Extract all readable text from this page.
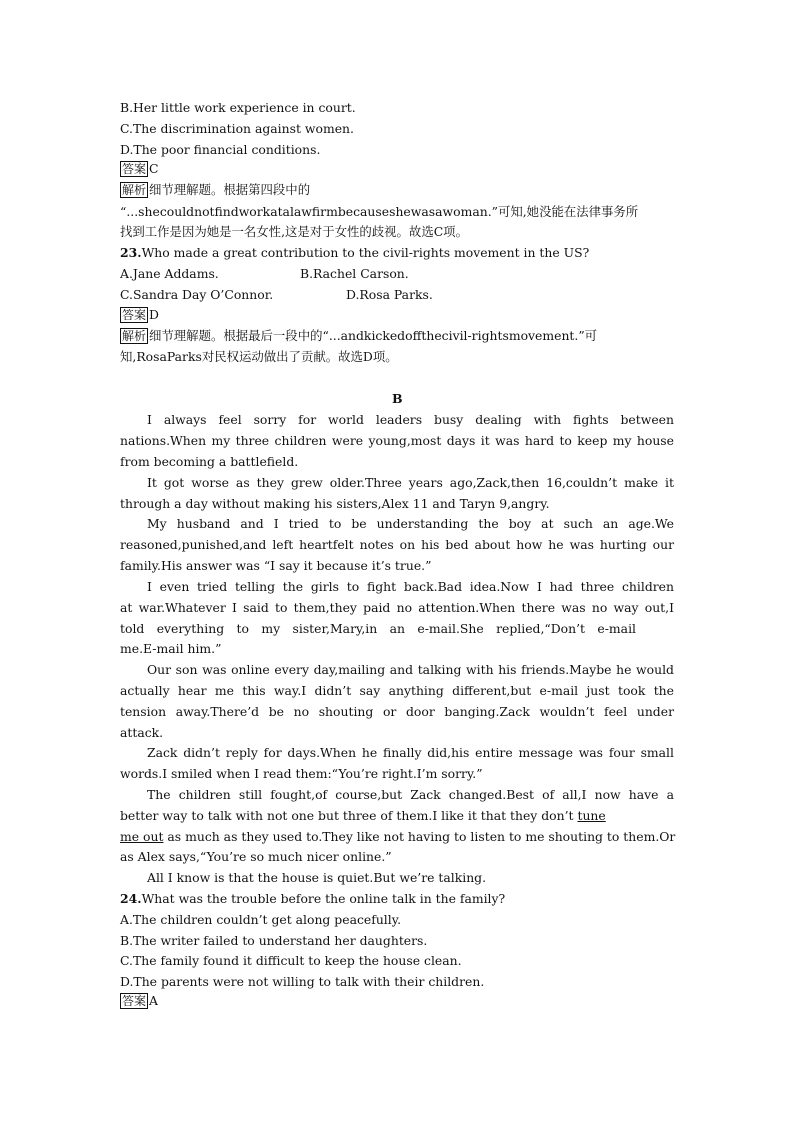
B.Her little work experience in court.
C.The discrimination against women.
D.The poor financial conditions.
答案 C
解析 细节理解题。根据第四段中的
“...shecouldnotfindworkatalawfirmbecauseshewasawoman.”可知,她没能在法律事务所
找到工作是因为她是一名女性,这是对于女性的歧视。故选C项。
23.Who made a great contribution to the civil-rights movement in the US?
A.Jane Addams.	B.Rachel Carson.
C.Sandra Day O’Connor.	D.Rosa Parks.
答案 D
解析 细节理解题。根据最后一段中的“...andkickedoffthecivil-rightsmovement.”可
知,RosaParks对民权运动做出了贡献。故选D项。
B
I always feel sorry for world leaders busy dealing with fights between
nations.When my three children were young,most days it was hard to keep my house
from becoming a battlefield.
It got worse as they grew older.Three years ago,Zack,then 16,couldn’t make it
through a day without making his sisters,Alex 11 and Taryn 9,angry.
My husband and I tried to be understanding the boy at such an age.We
reasoned,punished,and left heartfelt notes on his bed about how he was hurting our
family.His answer was “I say it because it’s true.”
I even tried telling the girls to fight back.Bad idea.Now I had three children
at war.Whatever I said to them,they paid no attention.When there was no way out,I
told everything to my sister,Mary,in an e-mail.She replied,“Don’t e-mail
me.E-mail him.”
Our son was online every day,mailing and talking with his friends.Maybe he would
actually hear me this way.I didn’t say anything different,but e-mail just took the
tension away.There’d be no shouting or door banging.Zack wouldn’t feel under
attack.
Zack didn’t reply for days.When he finally did,his entire message was four small
words.I smiled when I read them:“You’re right.I’m sorry.”
The children still fought,of course,but Zack changed.Best of all,I now have a
better way to talk with not one but three of them.I like it that they don’t tune
me out as much as they used to.They like not having to listen to me shouting to them.Or
as Alex says,“You’re so much nicer online.”
All I know is that the house is quiet.But we’re talking.
24.What was the trouble before the online talk in the family?
A.The children couldn’t get along peacefully.
B.The writer failed to understand her daughters.
C.The family found it difficult to keep the house clean.
D.The parents were not willing to talk with their children.
答案 A
